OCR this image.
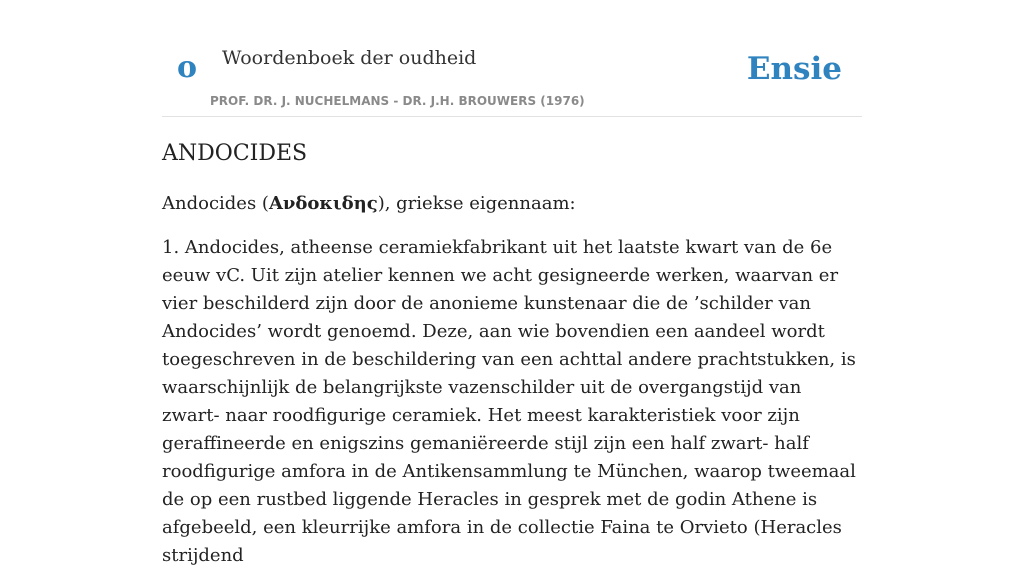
o Woordenboek der oudheid
PROF. DR. J. NUCHELMANS - DR. J.H. BROUWERS (1976)
Ensie
ANDOCIDES

Andocides (Ανδοκιδης), griekse eigennaam:

1. Andocides, atheense ceramiekfabrikant uit het laatste kwart van de 6e eeuw vC. Uit zijn atelier kennen we acht gesigneerde werken, waarvan er vier beschilderd zijn door de anonieme kunstenaar die de ’schilder van Andocides’ wordt genoemd. Deze, aan wie bovendien een aandeel wordt toegeschreven in de beschildering van een achttal andere prachtstukken, is waarschijnlijk de belangrijkste vazenschilder uit de overgangstijd van zwart- naar roodfigurige ceramiek. Het meest karakteristiek voor zijn geraffineerde en enigszins gemaniëreerde stijl zijn een half zwart- half roodfigurige amfora in de Antikensammlung te München, waarop tweemaal de op een rustbed liggende Heracles in gesprek met de godin Athene is afgebeeld, een kleurrijke amfora in de collectie Faina te Orvieto (Heracles strijdend
